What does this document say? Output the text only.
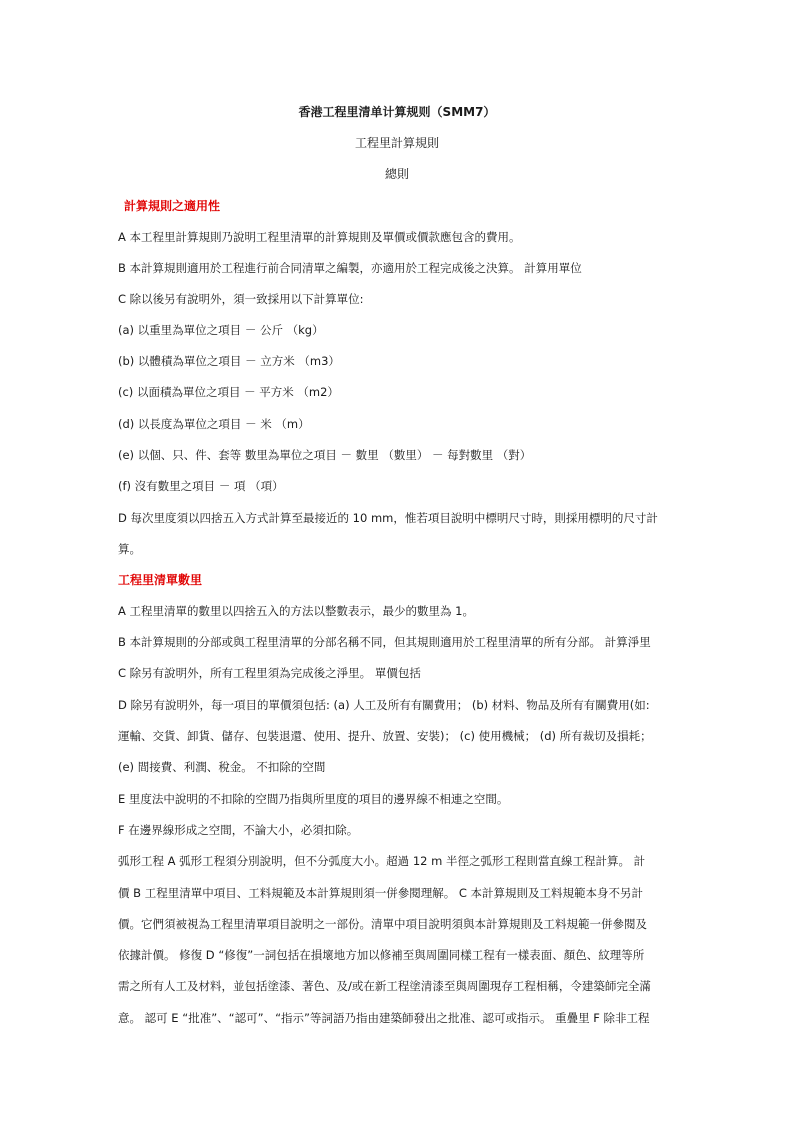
香港工程里清单计算规则（SMM7）
工程里計算規則
總則
計算規則之適用性
A 本工程里計算規則乃說明工程里清單的計算規則及單價或價款應包含的費用。
B 本計算規則適用於工程進行前合同清單之編製，亦適用於工程完成後之決算。 計算用單位
C 除以後另有說明外，須一致採用以下計算單位:
(a) 以重里為單位之項目 － 公斤 （kg）
(b) 以體積為單位之項目 － 立方米 （m3）
(c) 以面積為單位之項目 － 平方米 （m2）
(d) 以長度為單位之項目 － 米 （m）
(e) 以個、只、件、套等 數里為單位之項目 － 數里 （數里） － 每對數里 （對）
(f) 沒有數里之項目 － 項 （項）
D 每次里度須以四捨五入方式計算至最接近的 10 mm，惟若項目說明中標明尺寸時，則採用標明的尺寸計
算。
工程里清單數里
A 工程里清單的數里以四捨五入的方法以整數表示，最少的數里為 1。
B 本計算規則的分部或與工程里清單的分部名稱不同，但其規則適用於工程里清單的所有分部。 計算淨里
C 除另有說明外，所有工程里須為完成後之淨里。 單價包括
D 除另有說明外，每一項目的單價須包括: (a) 人工及所有有關費用； (b) 材料、物品及所有有關費用(如:
運輸、交貨、卸貨、儲存、包裝退還、使用、提升、放置、安裝)； (c) 使用機械； (d) 所有裁切及損耗；
(e) 間接費、利潤、稅金。 不扣除的空間
E 里度法中說明的不扣除的空間乃指與所里度的項目的邊界線不相連之空間。
F 在邊界線形成之空間，不論大小，必須扣除。
弧形工程 A 弧形工程須分別說明，但不分弧度大小。超過 12 m 半徑之弧形工程則當直線工程計算。 計
價 B 工程里清單中項目、工料規範及本計算規則須一併參閱理解。 C 本計算規則及工料規範本身不另計
價。它們須被視為工程里清單項目說明之一部份。清單中項目說明須與本計算規則及工料規範一併參閱及
依據計價。 修復 D “修復”一詞包括在損壞地方加以修補至與周圍同樣工程有一樣表面、顏色、紋理等所
需之所有人工及材料，並包括塗漆、著色、及/或在新工程塗清漆至與周圍現存工程相稱，令建築師完全滿
意。 認可 E “批准”、“認可”、“指示”等詞語乃指由建築師發出之批准、認可或指示。 重疊里 F 除非工程
